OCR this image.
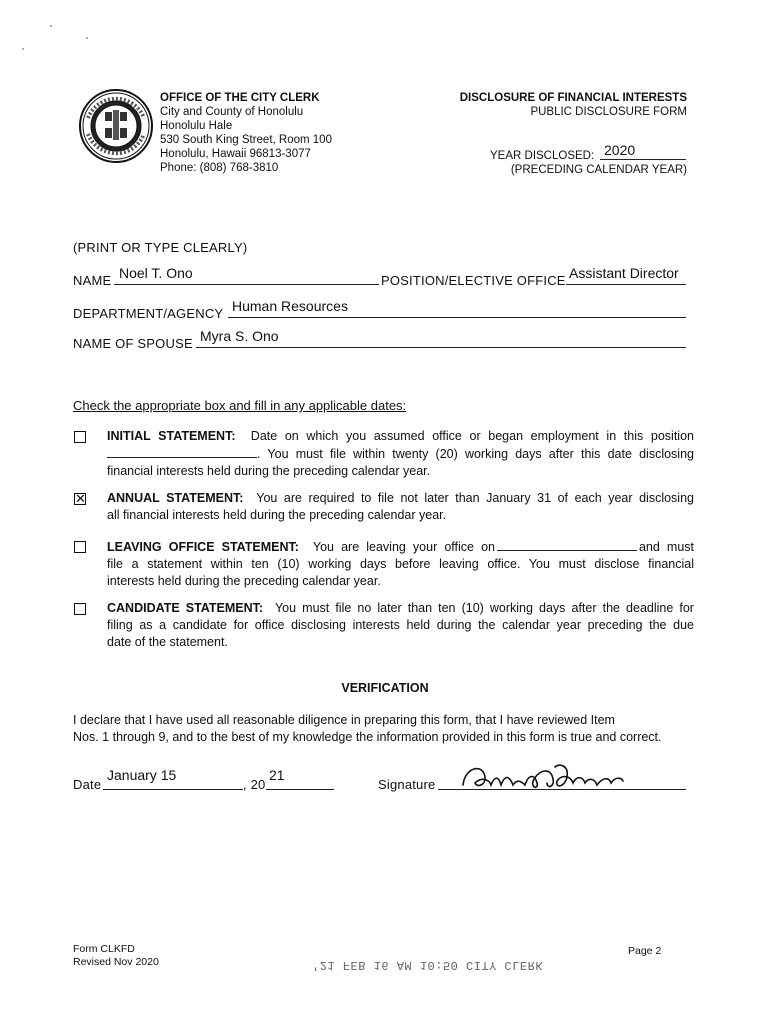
OFFICE OF THE CITY CLERK
City and County of Honolulu
Honolulu Hale
530 South King Street, Room 100
Honolulu, Hawaii 96813-3077
Phone: (808) 768-3810
DISCLOSURE OF FINANCIAL INTERESTS
PUBLIC DISCLOSURE FORM
YEAR DISCLOSED: 2020
(PRECEDING CALENDAR YEAR)
(PRINT OR TYPE CLEARLY)
NAME Noel T. Ono	POSITION/ELECTIVE OFFICE Assistant Director
DEPARTMENT/AGENCY Human Resources
NAME OF SPOUSE Myra S. Ono
Check the appropriate box and fill in any applicable dates:
INITIAL STATEMENT: Date on which you assumed office or began employment in this position
. You must file within twenty (20) working days after this date disclosing
financial interests held during the preceding calendar year.
✕ ANNUAL STATEMENT: You are required to file not later than January 31 of each year disclosing
all financial interests held during the preceding calendar year.
LEAVING OFFICE STATEMENT: You are leaving your office on	and must
file a statement within ten (10) working days before leaving office. You must disclose financial
interests held during the preceding calendar year.
CANDIDATE STATEMENT: You must file no later than ten (10) working days after the deadline for
filing as a candidate for office disclosing interests held during the calendar year preceding the due
date of the statement.
VERIFICATION
I declare that I have used all reasonable diligence in preparing this form, that I have reviewed Item
Nos. 1 through 9, and to the best of my knowledge the information provided in this form is true and correct.
Date
January 15
, 20
21
Signature
Form CLKFD
Revised Nov 2020
Page 2
'21 FEB 16 AM 10:50 CITY CLERK
